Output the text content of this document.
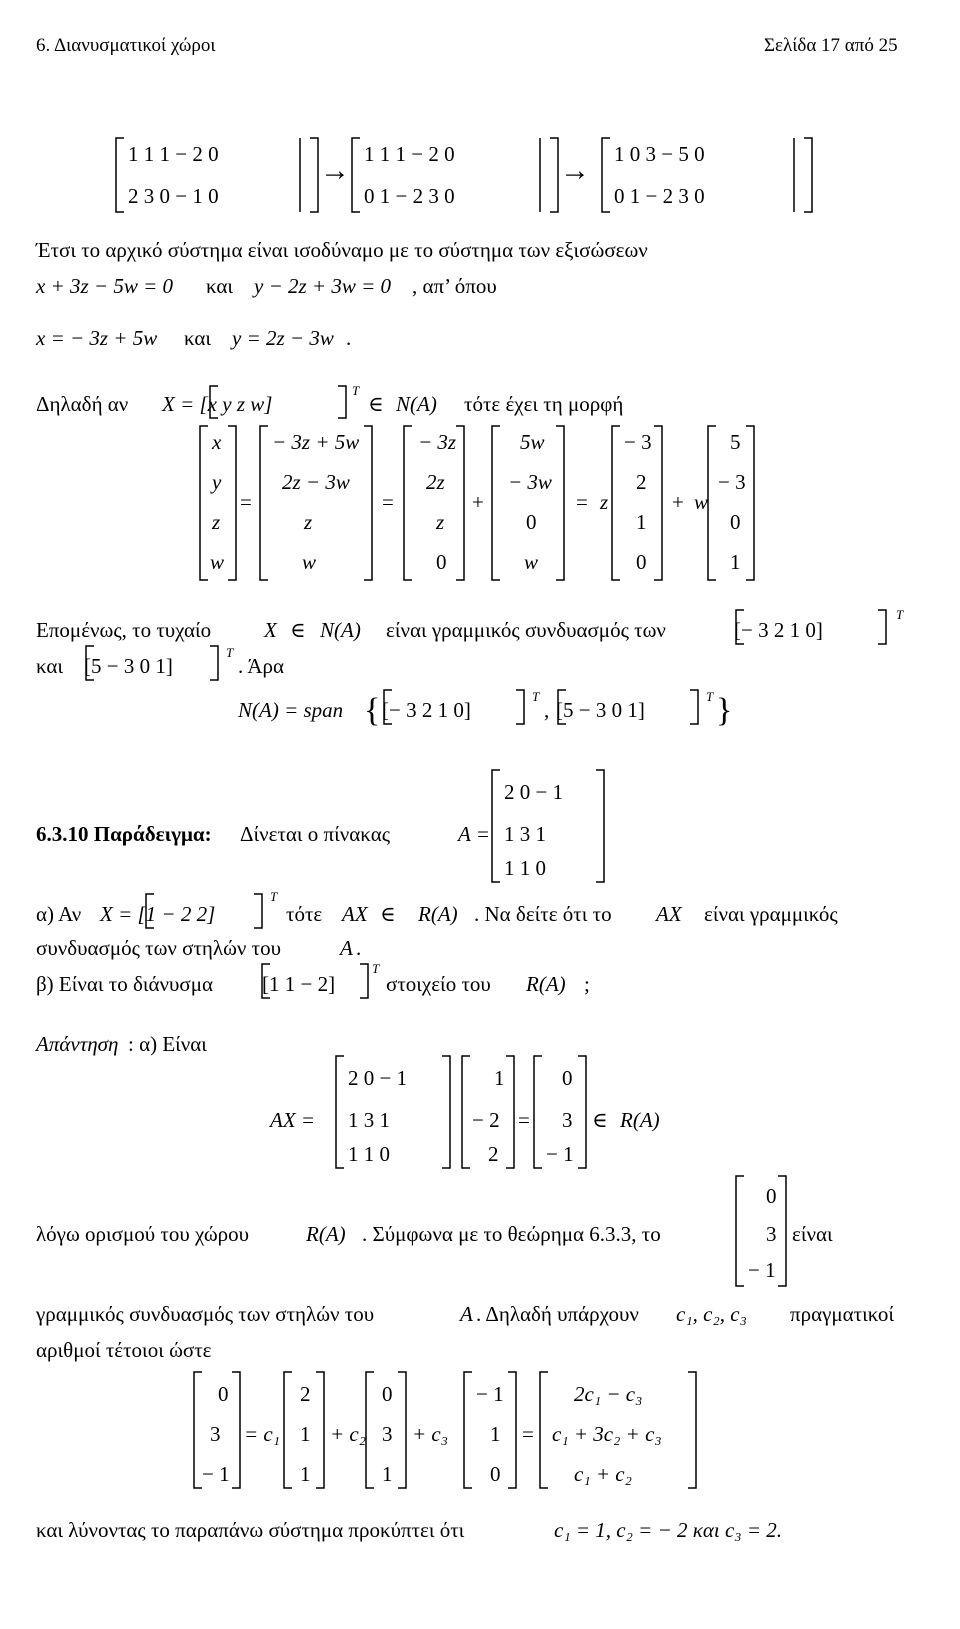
6. Διανυσματικοί χώροι	Σελίδα 17 από 25
1 1 1 − 2 0
2 3 0 − 1 0
→ 1 1 1 − 2 0
0 1 − 2 3 0
→ 1 0 3 − 5 0
0 1 − 2 3 0
Έτσι το αρχικό σύστημα είναι ισοδύναμο με το σύστημα των εξισώσεων
x + 3z − 5w = 0 και y − 2z + 3w = 0 , απ’ όπου
x = − 3z + 5w και y = 2z − 3w .
Δηλαδή αν X = [x y z w]
T
∈ N(A) τότε έχει τη μορφή
x
y
z
w
=
− 3z + 5w
2z − 3w
z
w
=
− 3z
2z
z
0
+
5w
− 3w
0
w
= z
− 3
2
1
0
+ w
5
− 3
0
1
Επομένως, το τυχαίο	X ∈ N(A) είναι γραμμικός συνδυασμός των	[− 3 2 1 0]
T
και [5 − 3 0 1]
T
. Άρα
N(A) = span { [− 3 2 1 0]
T
, [5 − 3 0 1]
T }
6.3.10 Παράδειγμα: Δίνεται ο πίνακας	A =
2 0 − 1
1 3 1
1 1 0
α) Αν X = [1 − 2 2]
T
τότε AX ∈ R(A) . Να δείτε ότι το AX είναι γραμμικός
συνδυασμός των στηλών του	A .
β) Είναι το διάνυσμα [1 1 − 2]
T
στοιχείο του R(A) ;
Απάντηση : α) Είναι
AX =
2 0 − 1
1 3 1
1 1 0
1
− 2
2
=
0
3
− 1
∈ R(A)
λόγω ορισμού του χώρου	R(A) . Σύμφωνα με το θεώρημα 6.3.3, το
0
3
− 1
είναι
γραμμικός συνδυασμός των στηλών του	A . Δηλαδή υπάρχουν c₁, c₂, c₃ πραγματικοί
αριθμοί τέτοιοι ώστε
0
3
− 1
= c₁
2
1
1
+ c₂
0
3
1
+ c₃
− 1
1
0
=
2c₁ − c₃
c₁ + 3c₂ + c₃
c₁ + c₂
και λύνοντας το παραπάνω σύστημα προκύπτει ότι	c₁ = 1, c₂ = − 2 και c₃ = 2.
